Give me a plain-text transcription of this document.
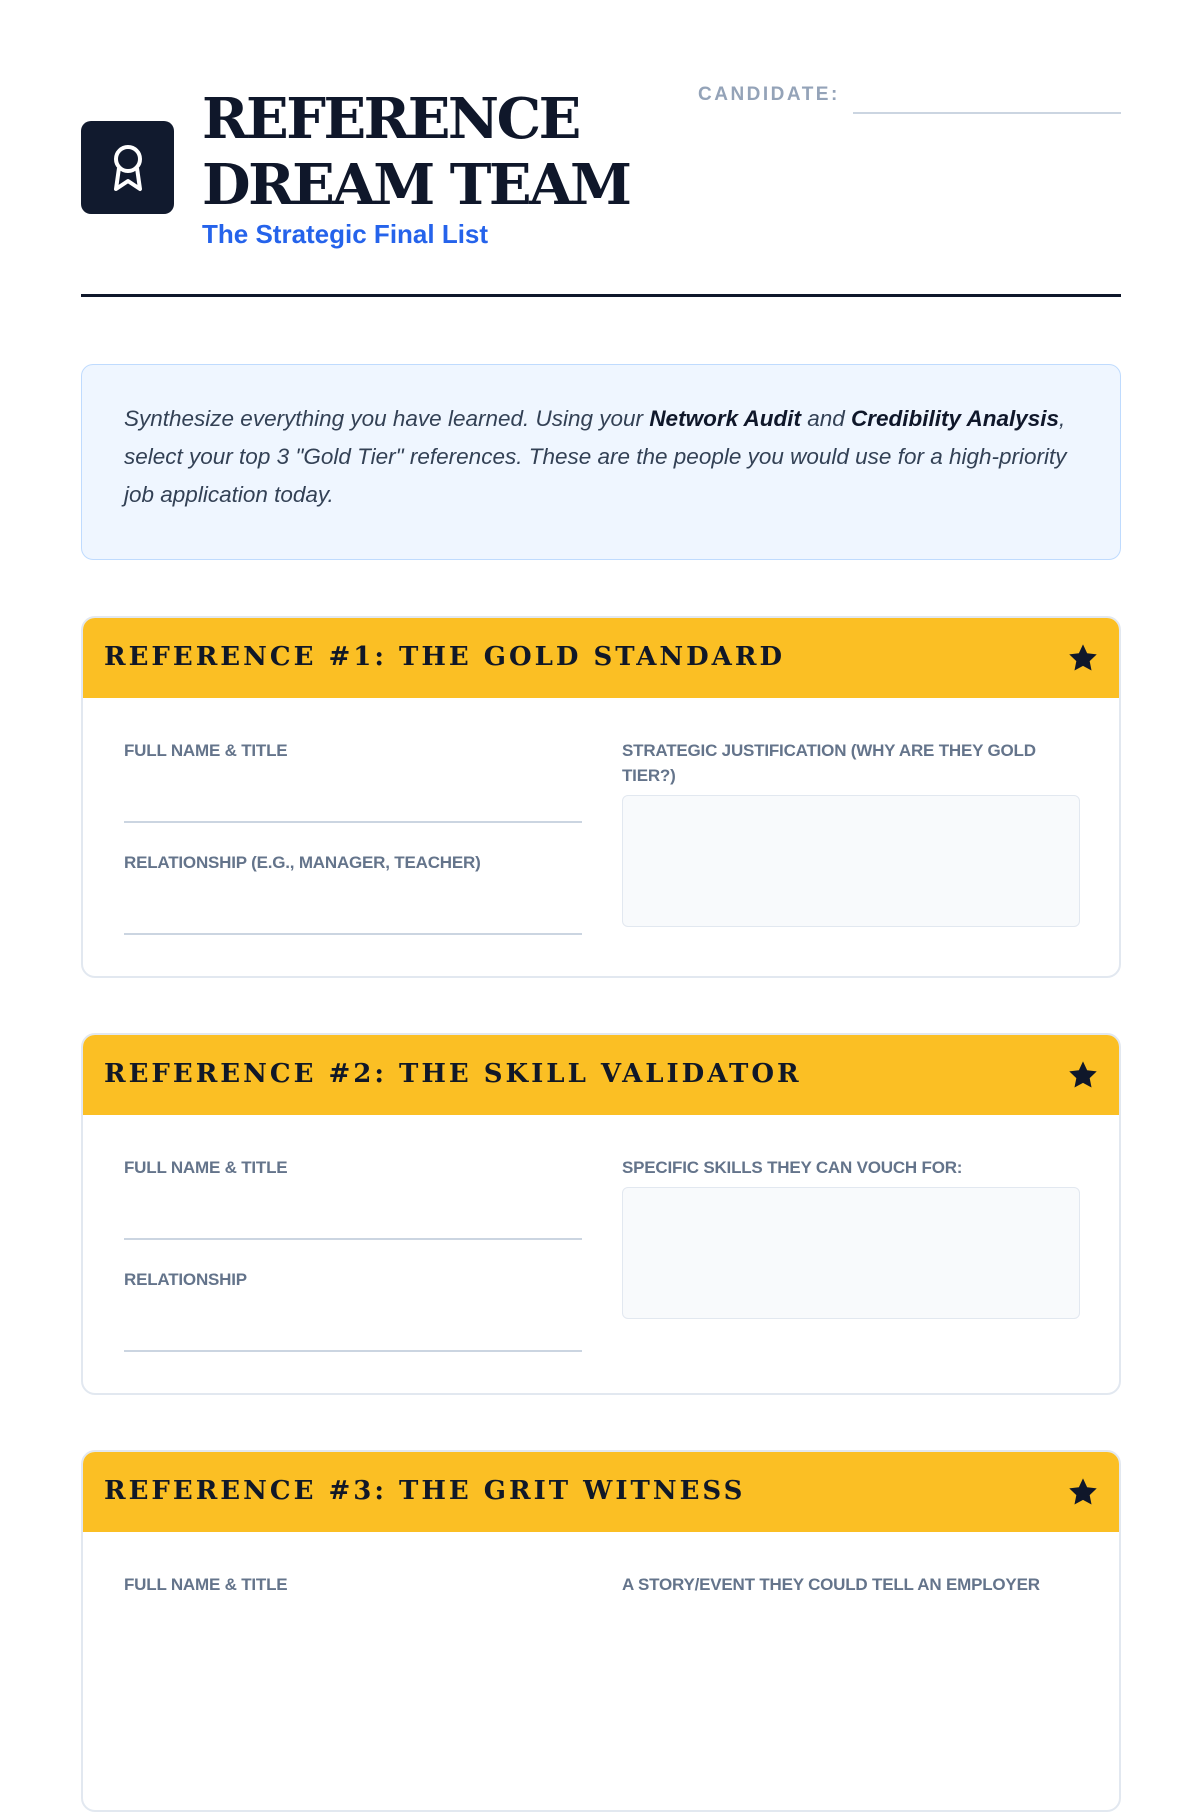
REFERENCE
DREAM TEAM
The Strategic Final List
CANDIDATE:

Synthesize everything you have learned. Using your Network Audit and Credibility Analysis, select your top 3 "Gold Tier" references. These are the people you would use for a high-priority job application today.

REFERENCE #1: THE GOLD STANDARD
FULL NAME & TITLE
RELATIONSHIP (E.G., MANAGER, TEACHER)
STRATEGIC JUSTIFICATION (WHY ARE THEY GOLD TIER?)
REFERENCE #2: THE SKILL VALIDATOR
FULL NAME & TITLE
RELATIONSHIP
SPECIFIC SKILLS THEY CAN VOUCH FOR:
REFERENCE #3: THE GRIT WITNESS
FULL NAME & TITLE	A STORY/EVENT THEY COULD TELL AN EMPLOYER
